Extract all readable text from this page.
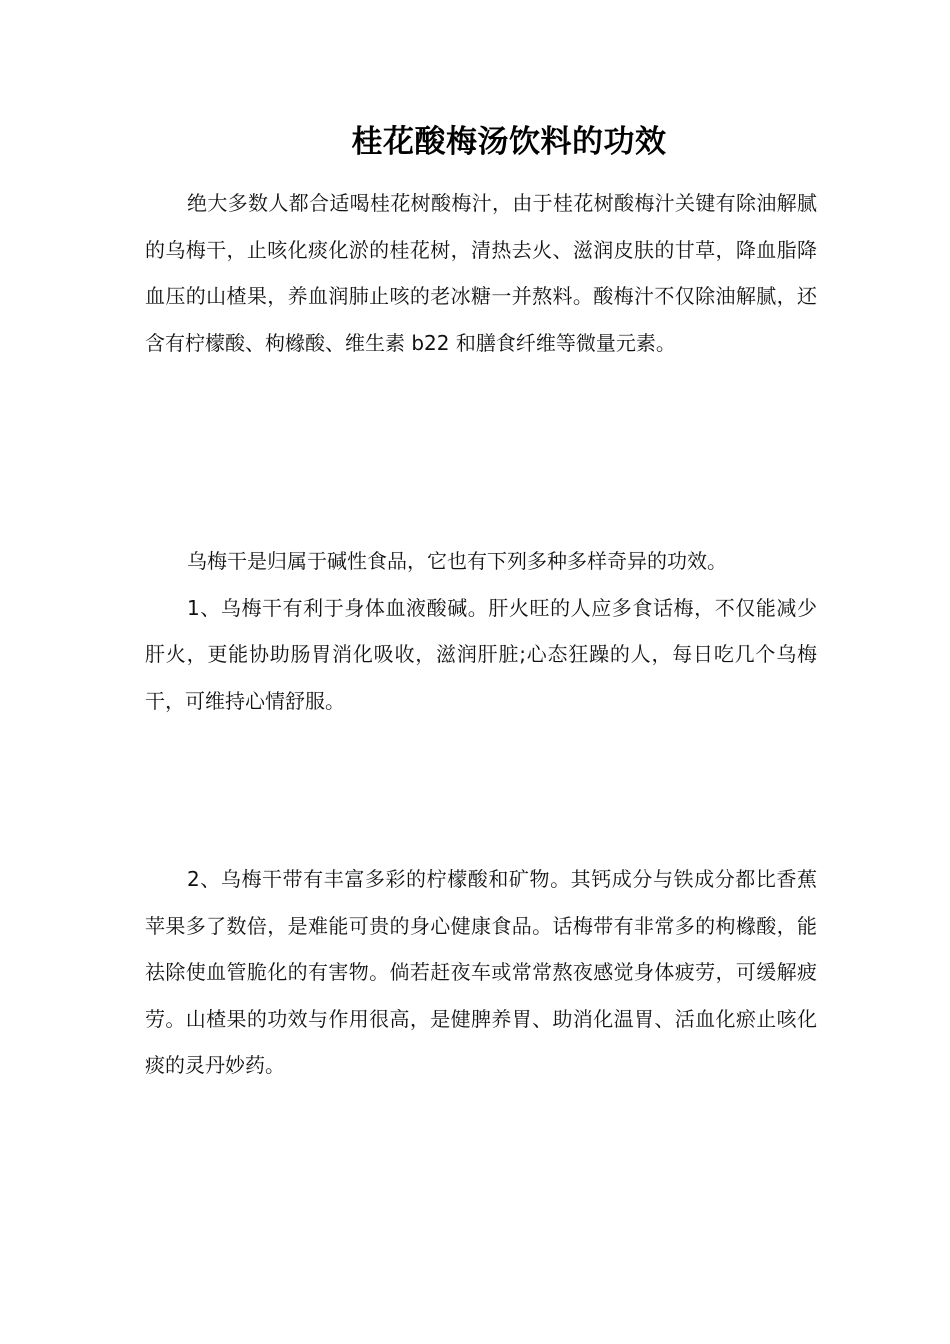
桂花酸梅汤饮料的功效

绝大多数人都合适喝桂花树酸梅汁，由于桂花树酸梅汁关键有除油解腻的乌梅干，止咳化痰化淤的桂花树，清热去火、滋润皮肤的甘草，降血脂降血压的山楂果，养血润肺止咳的老冰糖一并熬料。酸梅汁不仅除油解腻，还含有柠檬酸、枸橼酸、维生素 b22 和膳食纤维等微量元素。

乌梅干是归属于碱性食品，它也有下列多种多样奇异的功效。

1、乌梅干有利于身体血液酸碱。肝火旺的人应多食话梅，不仅能减少肝火，更能协助肠胃消化吸收，滋润肝脏;心态狂躁的人，每日吃几个乌梅干，可维持心情舒服。

2、乌梅干带有丰富多彩的柠檬酸和矿物。其钙成分与铁成分都比香蕉苹果多了数倍，是难能可贵的身心健康食品。话梅带有非常多的枸橼酸，能祛除使血管脆化的有害物。倘若赶夜车或常常熬夜感觉身体疲劳，可缓解疲劳。山楂果的功效与作用很高，是健脾养胃、助消化温胃、活血化瘀止咳化痰的灵丹妙药。
